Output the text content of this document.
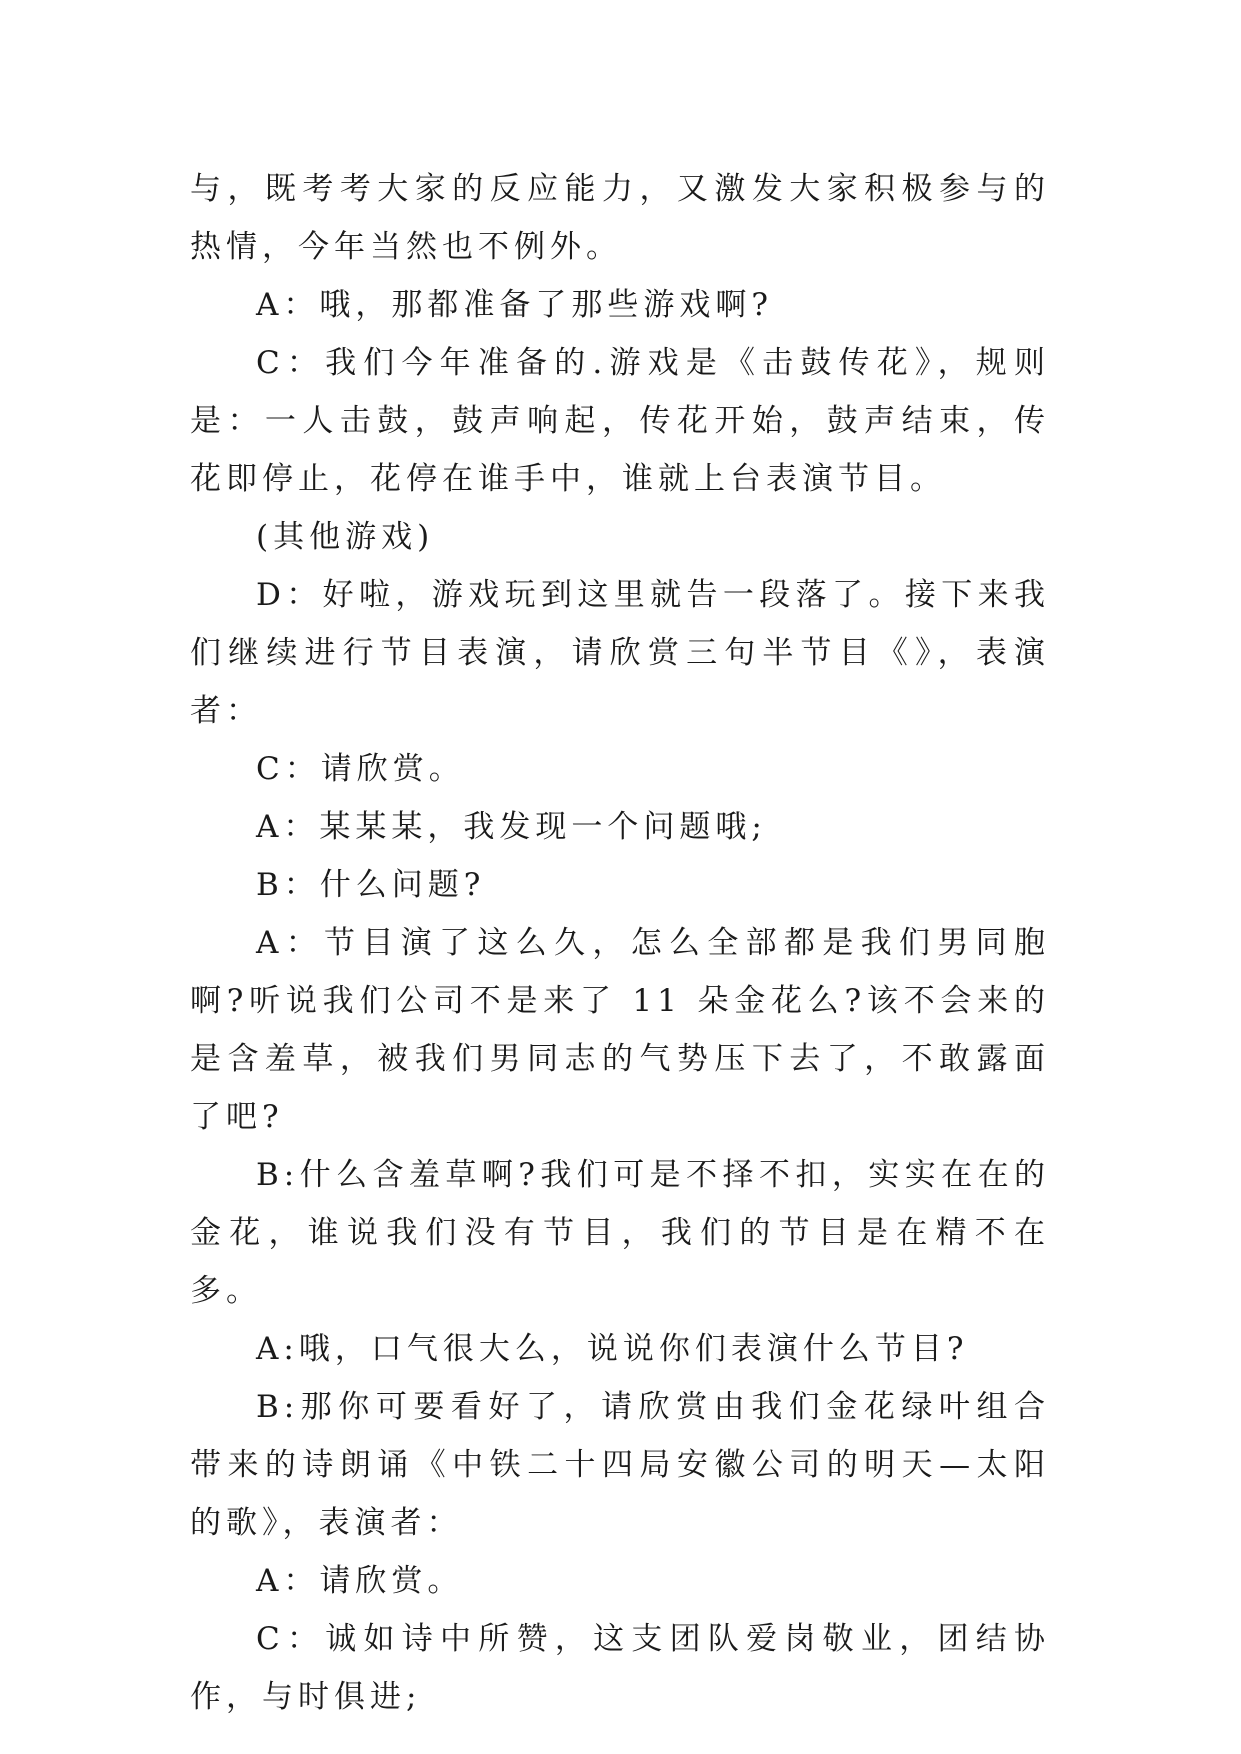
与，既考考大家的反应能力，又激发大家积极参与的热情，今年当然也不例外。

A：哦，那都准备了那些游戏啊?

C：我们今年准备的.游戏是《击鼓传花》，规则是：一人击鼓，鼓声响起，传花开始，鼓声结束，传花即停止，花停在谁手中，谁就上台表演节目。

(其他游戏)

D：好啦，游戏玩到这里就告一段落了。接下来我们继续进行节目表演，请欣赏三句半节目《》，表演者：

C：请欣赏。

A：某某某，我发现一个问题哦;

B：什么问题?

A：节目演了这么久，怎么全部都是我们男同胞啊?听说我们公司不是来了 11 朵金花么?该不会来的是含羞草，被我们男同志的气势压下去了，不敢露面了吧?

B:什么含羞草啊?我们可是不择不扣，实实在在的金花，谁说我们没有节目，我们的节目是在精不在多。

A:哦，口气很大么，说说你们表演什么节目?

B:那你可要看好了，请欣赏由我们金花绿叶组合带来的诗朗诵《中铁二十四局安徽公司的明天—太阳的歌》，表演者：

A：请欣赏。

C：诚如诗中所赞，这支团队爱岗敬业，团结协作，与时俱进;
